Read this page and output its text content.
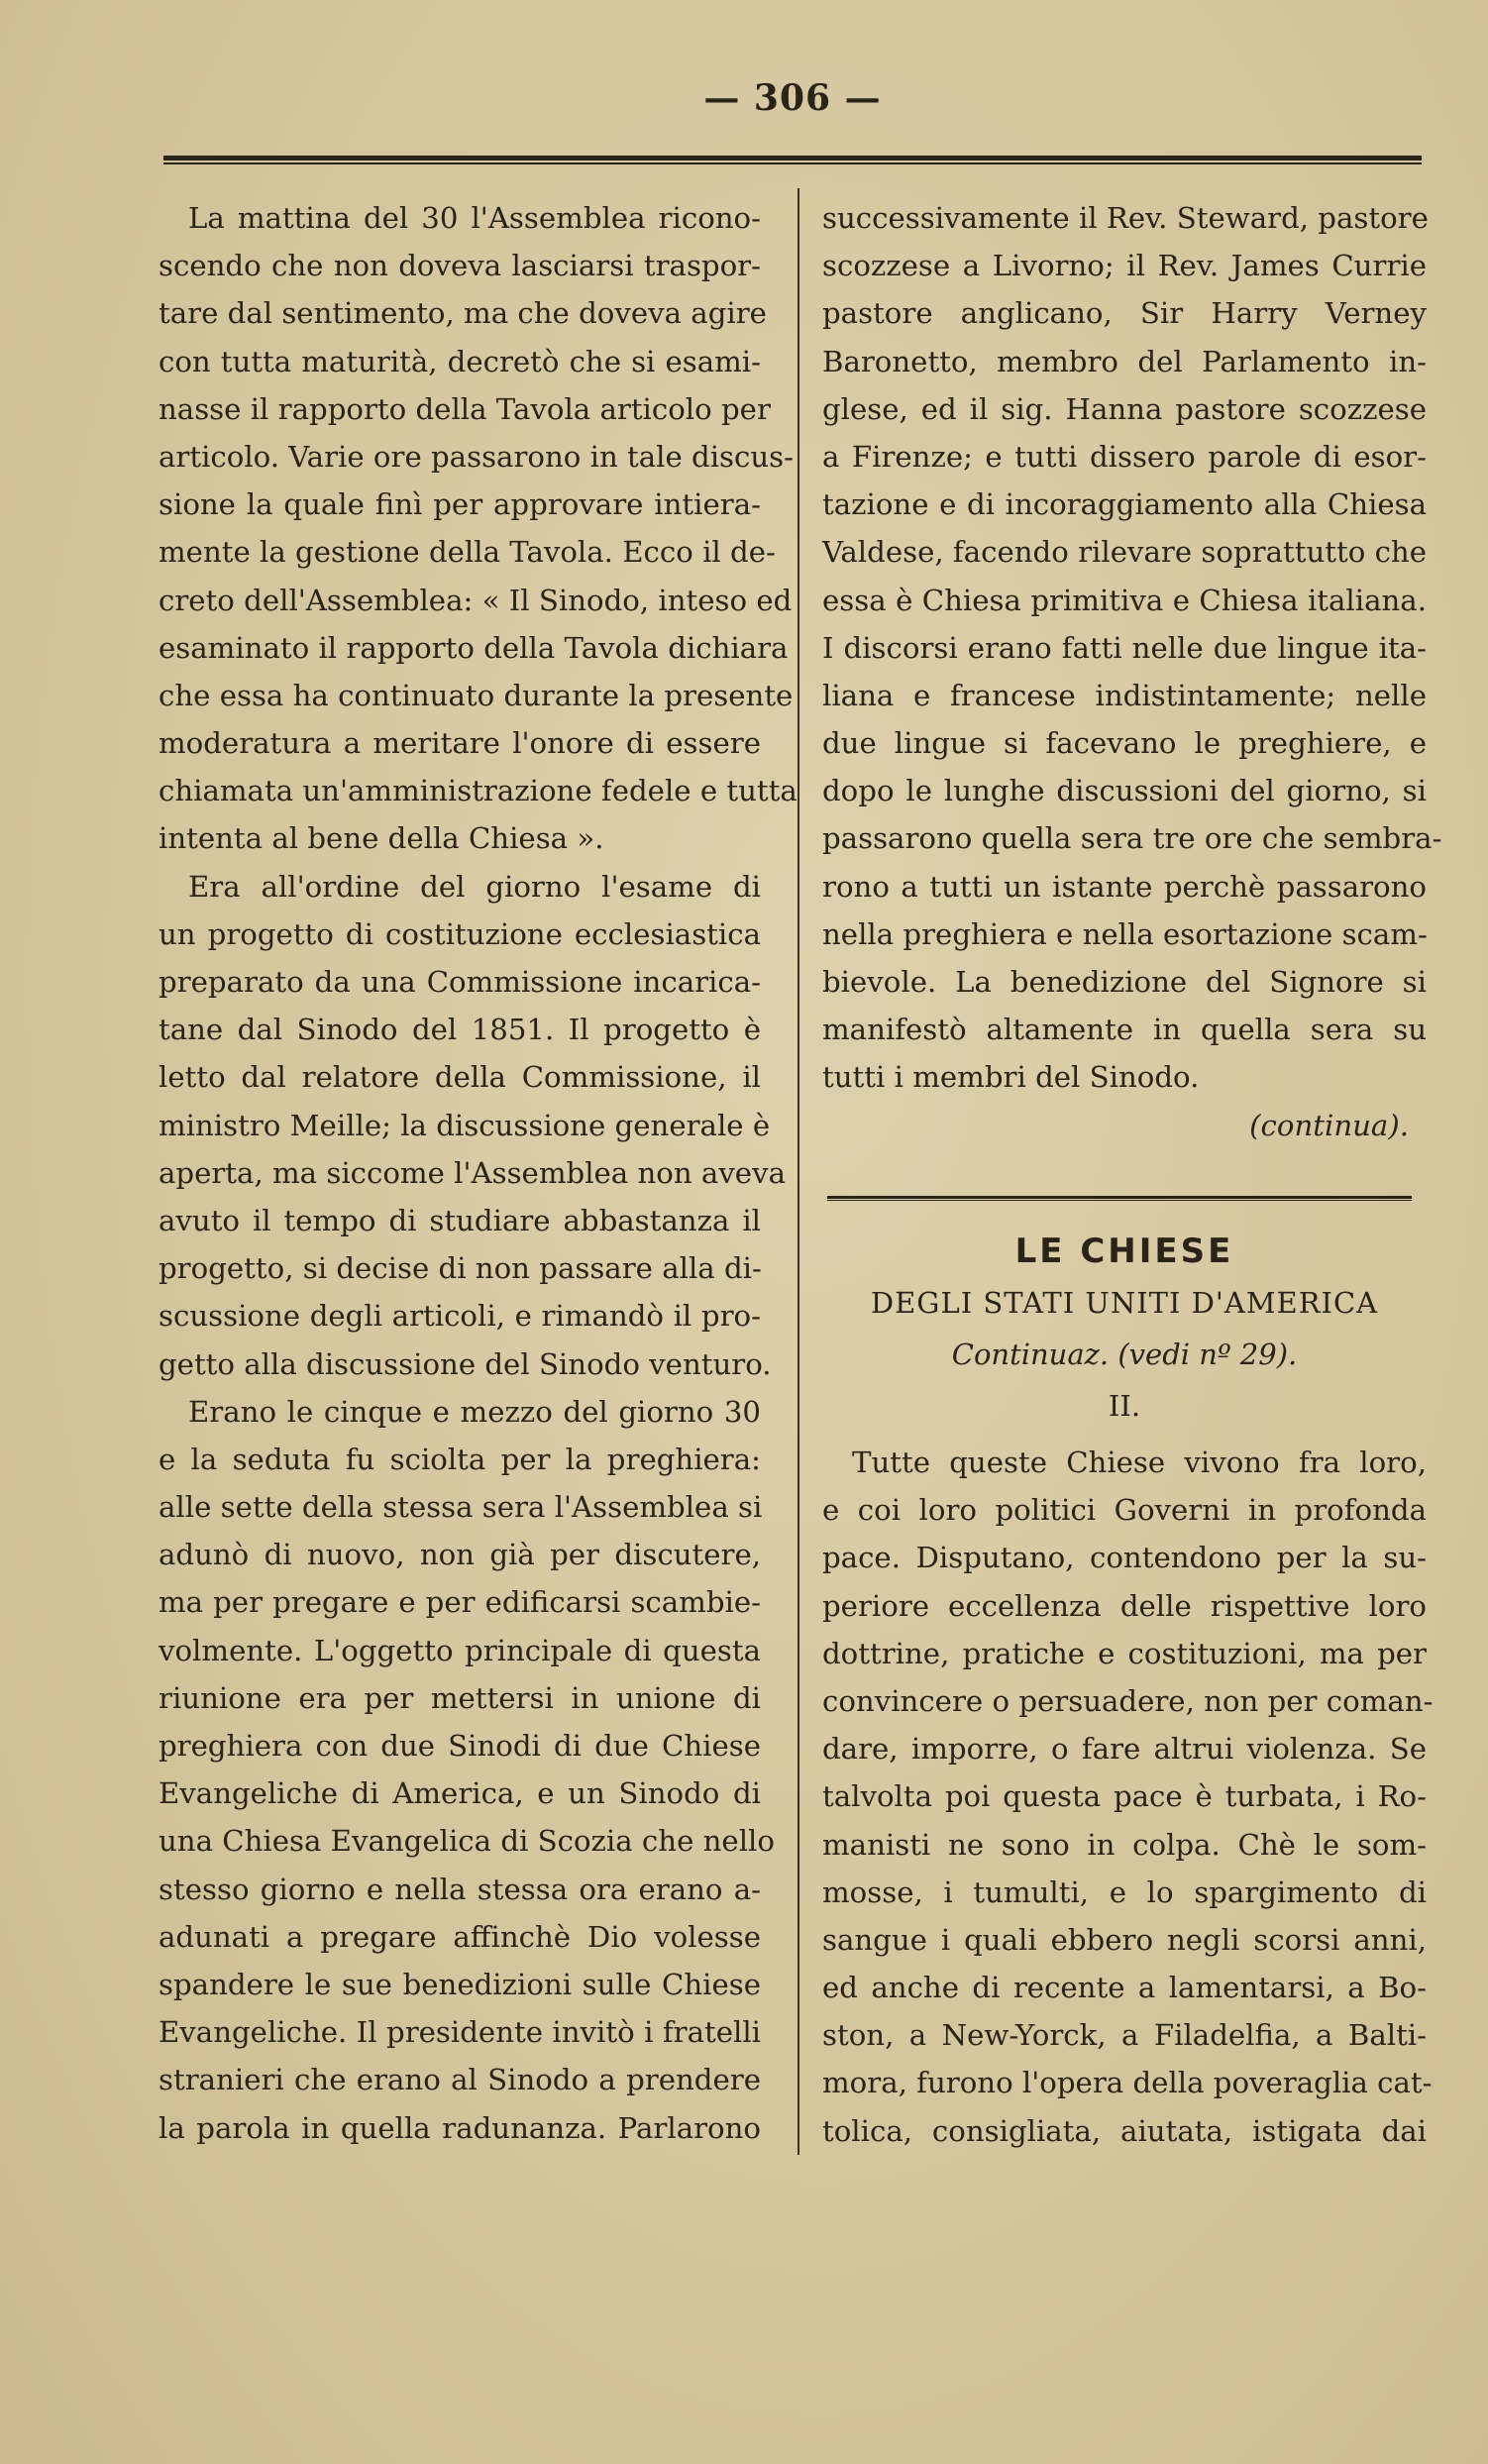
— 306 —
La mattina del 30 l'Assemblea ricono-
scendo che non doveva lasciarsi traspor-
tare dal sentimento, ma che doveva agire
con tutta maturità, decretò che si esami-
nasse il rapporto della Tavola articolo per
articolo. Varie ore passarono in tale discus-
sione la quale finì per approvare intiera-
mente la gestione della Tavola. Ecco il de-
creto dell'Assemblea: « Il Sinodo, inteso ed
esaminato il rapporto della Tavola dichiara
che essa ha continuato durante la presente
moderatura a meritare l'onore di essere
chiamata un'amministrazione fedele e tutta
intenta al bene della Chiesa ».
Era all'ordine del giorno l'esame di
un progetto di costituzione ecclesiastica
preparato da una Commissione incarica-
tane dal Sinodo del 1851. Il progetto è
letto dal relatore della Commissione, il
ministro Meille; la discussione generale è
aperta, ma siccome l'Assemblea non aveva
avuto il tempo di studiare abbastanza il
progetto, si decise di non passare alla di-
scussione degli articoli, e rimandò il pro-
getto alla discussione del Sinodo venturo.
Erano le cinque e mezzo del giorno 30
e la seduta fu sciolta per la preghiera:
alle sette della stessa sera l'Assemblea si
adunò di nuovo, non già per discutere,
ma per pregare e per edificarsi scambie-
volmente. L'oggetto principale di questa
riunione era per mettersi in unione di
preghiera con due Sinodi di due Chiese
Evangeliche di America, e un Sinodo di
una Chiesa Evangelica di Scozia che nello
stesso giorno e nella stessa ora erano a-
adunati a pregare affinchè Dio volesse
spandere le sue benedizioni sulle Chiese
Evangeliche. Il presidente invitò i fratelli
stranieri che erano al Sinodo a prendere
la parola in quella radunanza. Parlarono
successivamente il Rev. Steward, pastore
scozzese a Livorno; il Rev. James Currie
pastore anglicano, Sir Harry Verney
Baronetto, membro del Parlamento in-
glese, ed il sig. Hanna pastore scozzese
a Firenze; e tutti dissero parole di esor-
tazione e di incoraggiamento alla Chiesa
Valdese, facendo rilevare soprattutto che
essa è Chiesa primitiva e Chiesa italiana.
I discorsi erano fatti nelle due lingue ita-
liana e francese indistintamente; nelle
due lingue si facevano le preghiere, e
dopo le lunghe discussioni del giorno, si
passarono quella sera tre ore che sembra-
rono a tutti un istante perchè passarono
nella preghiera e nella esortazione scam-
bievole. La benedizione del Signore si
manifestò altamente in quella sera su
tutti i membri del Sinodo.
(continua).
LE CHIESE
DEGLI STATI UNITI D'AMERICA
Continuaz. (vedi nº 29).
II.
Tutte queste Chiese vivono fra loro,
e coi loro politici Governi in profonda
pace. Disputano, contendono per la su-
periore eccellenza delle rispettive loro
dottrine, pratiche e costituzioni, ma per
convincere o persuadere, non per coman-
dare, imporre, o fare altrui violenza. Se
talvolta poi questa pace è turbata, i Ro-
manisti ne sono in colpa. Chè le som-
mosse, i tumulti, e lo spargimento di
sangue i quali ebbero negli scorsi anni,
ed anche di recente a lamentarsi, a Bo-
ston, a New-Yorck, a Filadelfia, a Balti-
mora, furono l'opera della poveraglia cat-
tolica, consigliata, aiutata, istigata dai
